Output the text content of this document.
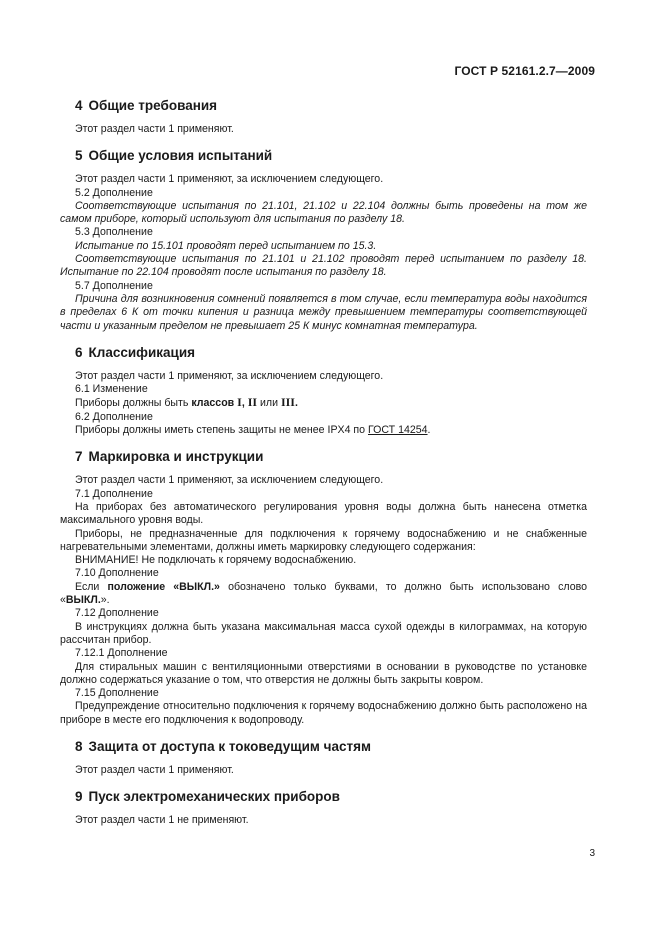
ГОСТ Р 52161.2.7—2009
4 Общие требования

Этот раздел части 1 применяют.

5 Общие условия испытаний

Этот раздел части 1 применяют, за исключением следующего.

5.2 Дополнение

Соответствующие испытания по 21.101, 21.102 и 22.104 должны быть проведены на том же самом приборе, который используют для испытания по разделу 18.

5.3 Дополнение

Испытание по 15.101 проводят перед испытанием по 15.3.

Соответствующие испытания по 21.101 и 21.102 проводят перед испытанием по разделу 18. Испытание по 22.104 проводят после испытания по разделу 18.

5.7 Дополнение

Причина для возникновения сомнений появляется в том случае, если температура воды находится в пределах 6 К от точки кипения и разница между превышением температуры соответствующей части и указанным пределом не превышает 25 К минус комнатная температура.

6 Классификация

Этот раздел части 1 применяют, за исключением следующего.

6.1 Изменение

Приборы должны быть классов I, II или III.

6.2 Дополнение

Приборы должны иметь степень защиты не менее IPX4 по ГОСТ 14254.

7 Маркировка и инструкции

Этот раздел части 1 применяют, за исключением следующего.

7.1 Дополнение

На приборах без автоматического регулирования уровня воды должна быть нанесена отметка максимального уровня воды.

Приборы, не предназначенные для подключения к горячему водоснабжению и не снабженные нагревательными элементами, должны иметь маркировку следующего содержания:

ВНИМАНИЕ! Не подключать к горячему водоснабжению.

7.10 Дополнение

Если положение «ВЫКЛ.» обозначено только буквами, то должно быть использовано слово «ВЫКЛ.».

7.12 Дополнение

В инструкциях должна быть указана максимальная масса сухой одежды в килограммах, на которую рассчитан прибор.

7.12.1 Дополнение

Для стиральных машин с вентиляционными отверстиями в основании в руководстве по установке должно содержаться указание о том, что отверстия не должны быть закрыты ковром.

7.15 Дополнение

Предупреждение относительно подключения к горячему водоснабжению должно быть расположено на приборе в месте его подключения к водопроводу.

8 Защита от доступа к токоведущим частям

Этот раздел части 1 применяют.

9 Пуск электромеханических приборов

Этот раздел части 1 не применяют.

3
